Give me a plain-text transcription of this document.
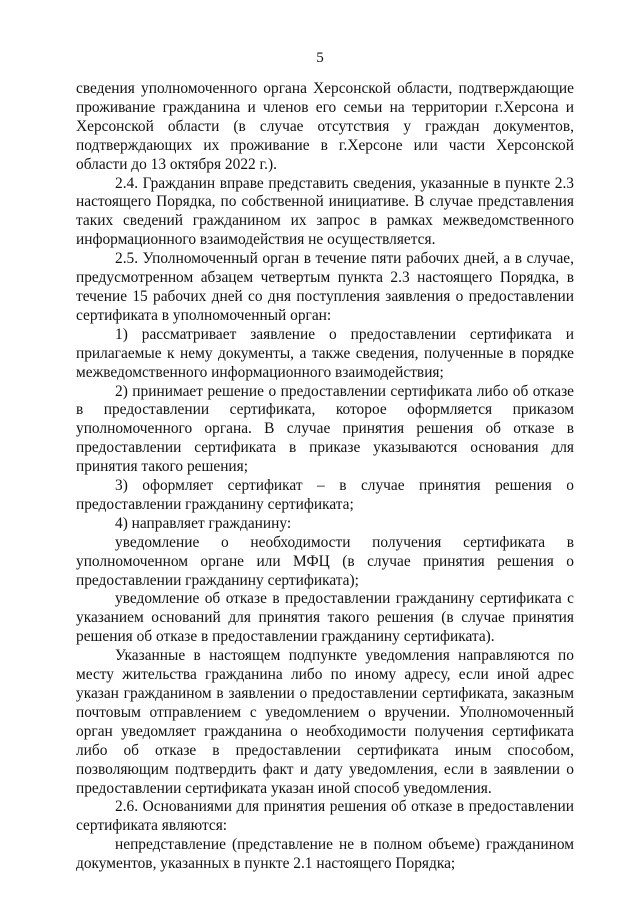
5

сведения уполномоченного органа Херсонской области, подтверждающие проживание гражданина и членов его семьи на территории г.Херсона и Херсонской области (в случае отсутствия у граждан документов, подтверждающих их проживание в г.Херсоне или части Херсонской области до 13 октября 2022 г.).

2.4. Гражданин вправе представить сведения, указанные в пункте 2.3 настоящего Порядка, по собственной инициативе. В случае представления таких сведений гражданином их запрос в рамках межведомственного информационного взаимодействия не осуществляется.

2.5. Уполномоченный орган в течение пяти рабочих дней, а в случае, предусмотренном абзацем четвертым пункта 2.3 настоящего Порядка, в течение 15 рабочих дней со дня поступления заявления о предоставлении сертификата в уполномоченный орган:

1) рассматривает заявление о предоставлении сертификата и прилагаемые к нему документы, а также сведения, полученные в порядке межведомственного информационного взаимодействия;

2) принимает решение о предоставлении сертификата либо об отказе в предоставлении сертификата, которое оформляется приказом уполномоченного органа. В случае принятия решения об отказе в предоставлении сертификата в приказе указываются основания для принятия такого решения;

3) оформляет сертификат – в случае принятия решения о предоставлении гражданину сертификата;

4) направляет гражданину:

уведомление о необходимости получения сертификата в уполномоченном органе или МФЦ (в случае принятия решения о предоставлении гражданину сертификата);

уведомление об отказе в предоставлении гражданину сертификата с указанием оснований для принятия такого решения (в случае принятия решения об отказе в предоставлении гражданину сертификата).

Указанные в настоящем подпункте уведомления направляются по месту жительства гражданина либо по иному адресу, если иной адрес указан гражданином в заявлении о предоставлении сертификата, заказным почтовым отправлением с уведомлением о вручении. Уполномоченный орган уведомляет гражданина о необходимости получения сертификата либо об отказе в предоставлении сертификата иным способом, позволяющим подтвердить факт и дату уведомления, если в заявлении о предоставлении сертификата указан иной способ уведомления.

2.6. Основаниями для принятия решения об отказе в предоставлении сертификата являются:

непредставление (представление не в полном объеме) гражданином документов, указанных в пункте 2.1 настоящего Порядка;
